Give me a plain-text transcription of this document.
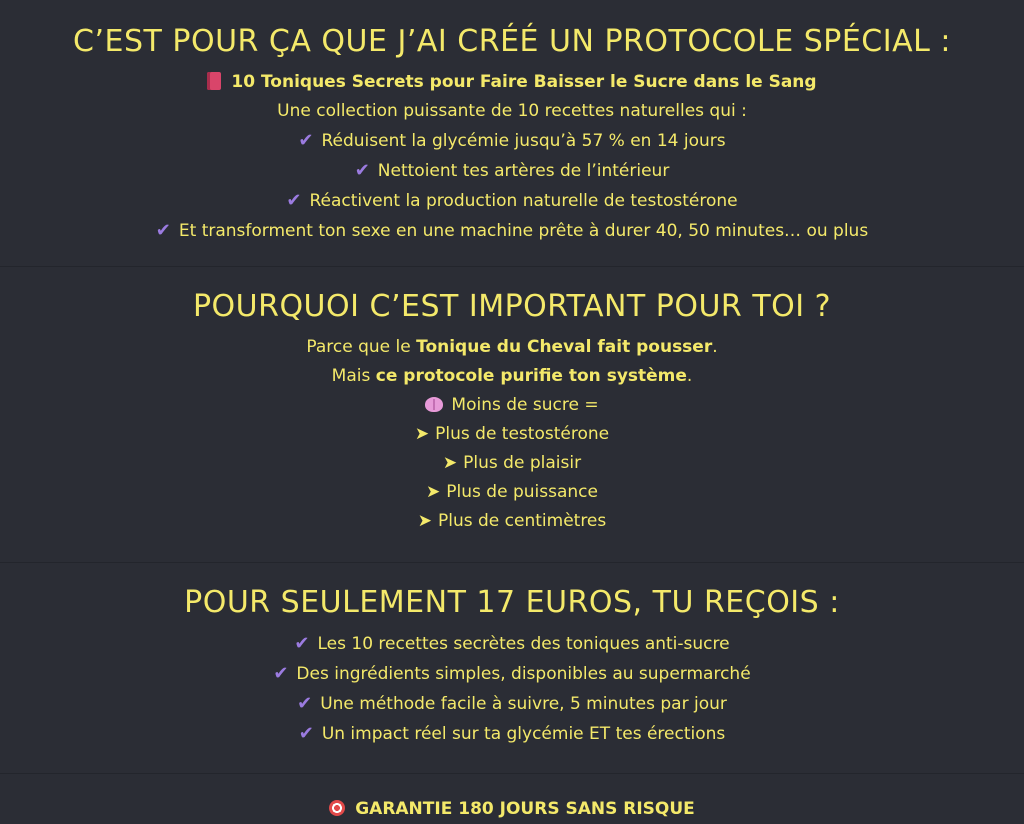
C’EST POUR ÇA QUE J’AI CRÉÉ UN PROTOCOLE SPÉCIAL :
10 Toniques Secrets pour Faire Baisser le Sucre dans le Sang
Une collection puissante de 10 recettes naturelles qui :
✔ Réduisent la glycémie jusqu’à 57 % en 14 jours
✔ Nettoient tes artères de l’intérieur
✔ Réactivent la production naturelle de testostérone
✔ Et transforment ton sexe en une machine prête à durer 40, 50 minutes… ou plus
POURQUOI C’EST IMPORTANT POUR TOI ?
Parce que le Tonique du Cheval fait pousser.
Mais ce protocole purifie ton système.
Moins de sucre =
➤ Plus de testostérone
➤ Plus de plaisir
➤ Plus de puissance
➤ Plus de centimètres
POUR SEULEMENT 17 EUROS, TU REÇOIS :
✔ Les 10 recettes secrètes des toniques anti-sucre
✔ Des ingrédients simples, disponibles au supermarché
✔ Une méthode facile à suivre, 5 minutes par jour
✔ Un impact réel sur ta glycémie ET tes érections
GARANTIE 180 JOURS SANS RISQUE
